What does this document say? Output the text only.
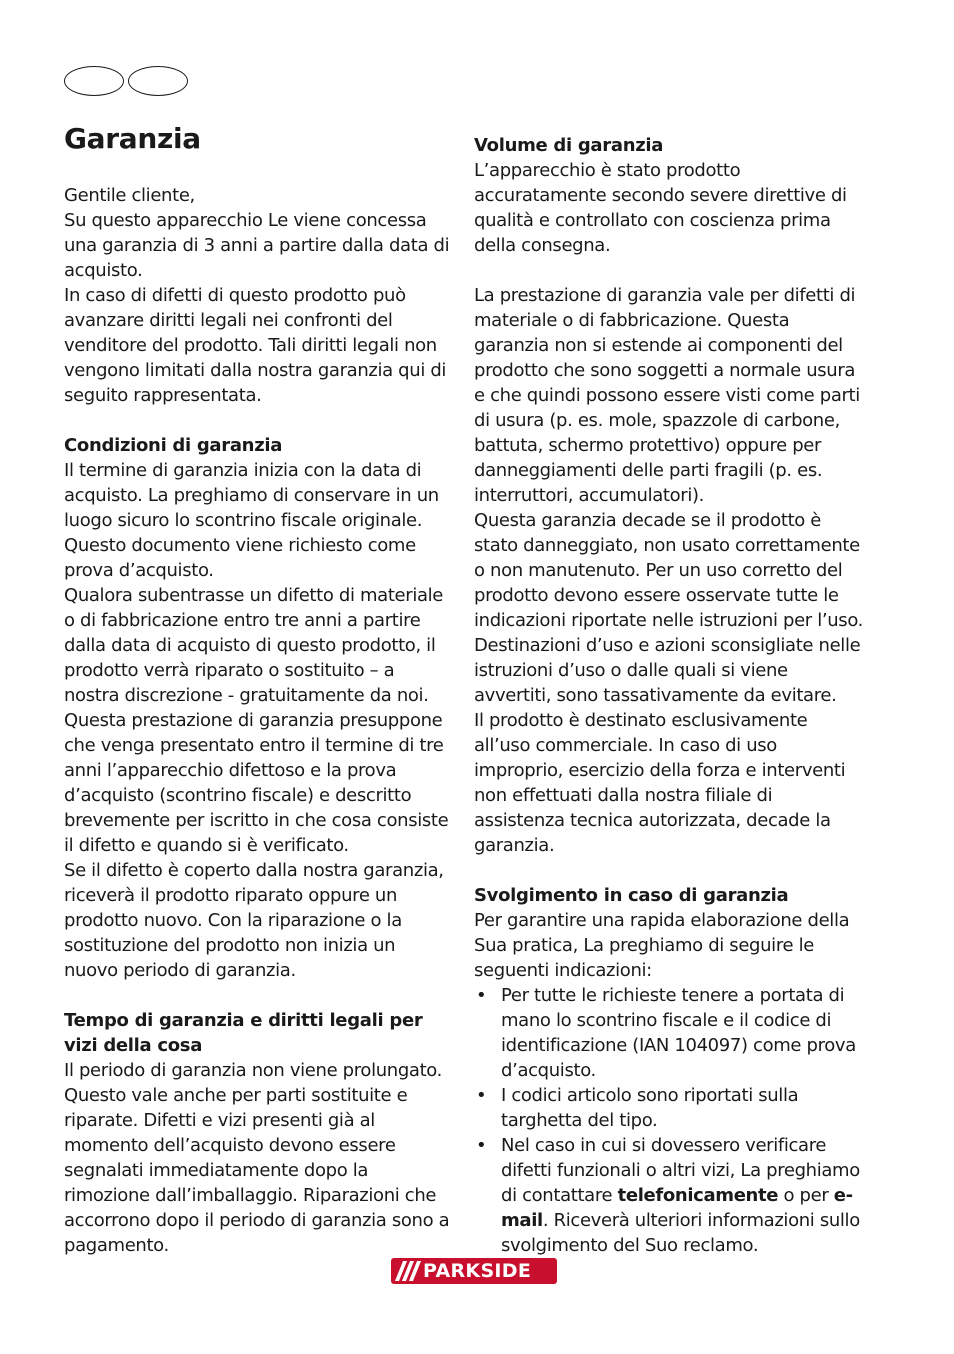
Garanzia

Gentile cliente,

Su questo apparecchio Le viene concessa una garanzia di 3 anni a partire dalla data di acquisto.

In caso di difetti di questo prodotto può avanzare diritti legali nei confronti del venditore del prodotto. Tali diritti legali non vengono limitati dalla nostra garanzia qui di seguito rappresentata.

Condizioni di garanzia

Il termine di garanzia inizia con la data di acquisto. La preghiamo di conservare in un luogo sicuro lo scontrino fiscale originale. Questo documento viene richiesto come prova d’acquisto.

Qualora subentrasse un difetto di materiale o di fabbricazione entro tre anni a partire dalla data di acquisto di questo prodotto, il prodotto verrà riparato o sostituito – a nostra discrezione - gratuitamente da noi.

Questa prestazione di garanzia presuppone che venga presentato entro il termine di tre anni l’apparecchio difettoso e la prova d’acquisto (scontrino fiscale) e descritto brevemente per iscritto in che cosa consiste il difetto e quando si è verificato.

Se il difetto è coperto dalla nostra garanzia, riceverà il prodotto riparato oppure un prodotto nuovo. Con la riparazione o la sostituzione del prodotto non inizia un nuovo periodo di garanzia.

Tempo di garanzia e diritti legali per vizi della cosa

Il periodo di garanzia non viene prolungato. Questo vale anche per parti sostituite e riparate. Difetti e vizi presenti già al momento dell’acquisto devono essere segnalati immediatamente dopo la rimozione dall’imballaggio. Riparazioni che accorrono dopo il periodo di garanzia sono a pagamento.

Volume di garanzia

L’apparecchio è stato prodotto accuratamente secondo severe direttive di qualità e controllato con coscienza prima della consegna.

La prestazione di garanzia vale per difetti di materiale o di fabbricazione. Questa garanzia non si estende ai componenti del prodotto che sono soggetti a normale usura e che quindi possono essere visti come parti di usura (p. es. mole, spazzole di carbone, battuta, schermo protettivo) oppure per danneggiamenti delle parti fragili (p. es. interruttori, accumulatori).

Questa garanzia decade se il prodotto è stato danneggiato, non usato correttamente o non manutenuto. Per un uso corretto del prodotto devono essere osservate tutte le indicazioni riportate nelle istruzioni per l’uso. Destinazioni d’uso e azioni sconsigliate nelle istruzioni d’uso o dalle quali si viene avvertiti, sono tassativamente da evitare.

Il prodotto è destinato esclusivamente all’uso commerciale. In caso di uso improprio, esercizio della forza e interventi non effettuati dalla nostra filiale di assistenza tecnica autorizzata, decade la garanzia.

Svolgimento in caso di garanzia

Per garantire una rapida elaborazione della Sua pratica, La preghiamo di seguire le seguenti indicazioni:

• Per tutte le richieste tenere a portata di mano lo scontrino fiscale e il codice di identificazione (IAN 104097) come prova d’acquisto.
• I codici articolo sono riportati sulla targhetta del tipo.
• Nel caso in cui si dovessero verificare difetti funzionali o altri vizi, La preghiamo di contattare telefonicamente o per e-mail. Riceverà ulteriori informazioni sullo svolgimento del Suo reclamo.
PARKSIDE
